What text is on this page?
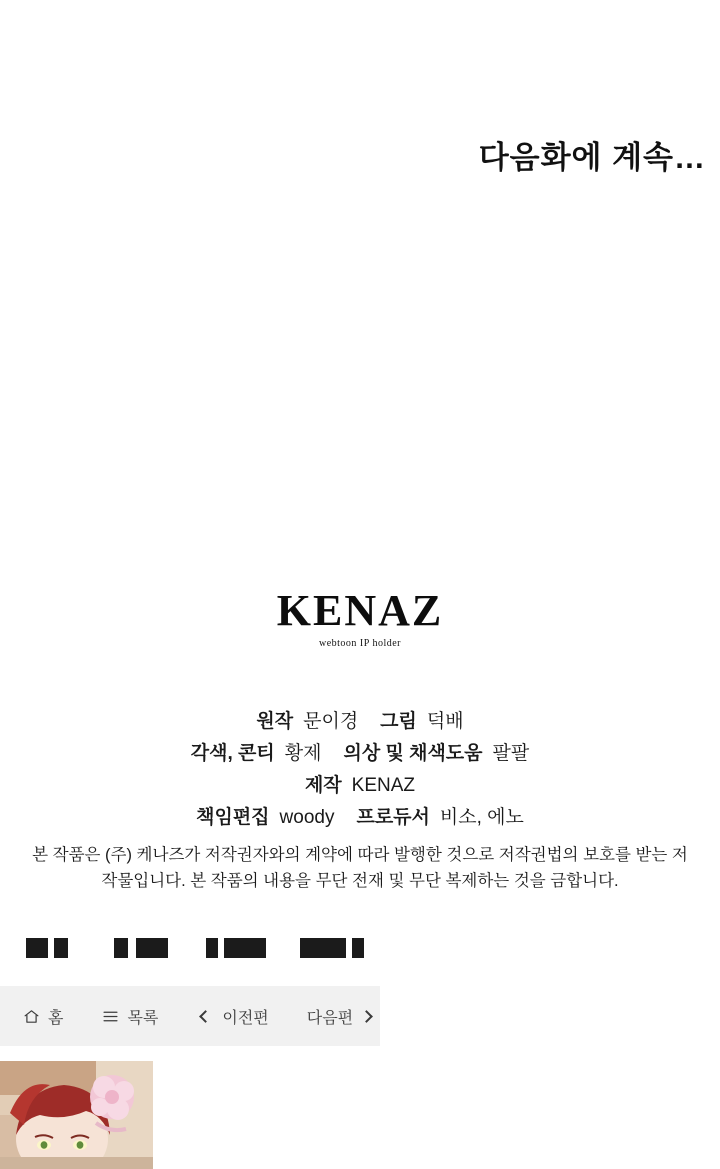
다음화에 계속…
KENAZ
webtoon IP holder
원작 문이경 그림 덕배
각색, 콘티 황제 의상 및 채색도움 팔팔
제작 KENAZ
책임편집 woody 프로듀서 비소, 에노
본 작품은 (주) 케나즈가 저작권자와의 계약에 따라 발행한 것으로 저작권법의 보호를 받는 저작물입니다. 본 작품의 내용을 무단 전재 및 무단 복제하는 것을 금합니다.
홈	목록	이전편 다음편
